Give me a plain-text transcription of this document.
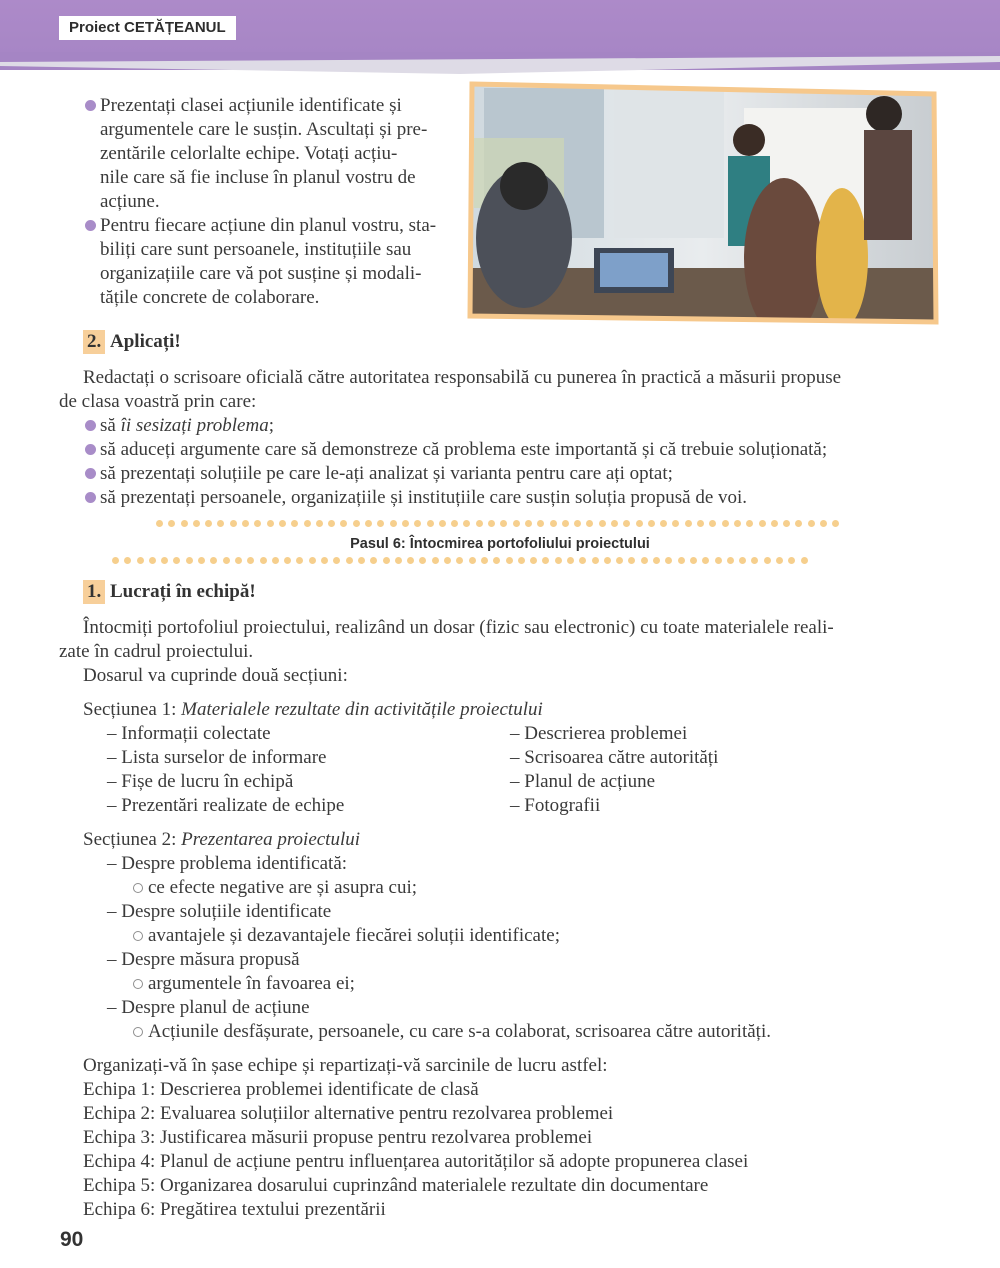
Proiect CETĂȚEANUL
Prezentați clasei acțiunile identificate și
argumentele care le susțin. Ascultați și pre-
zentările celorlalte echipe. Votați acțiu-
nile care să fie incluse în planul vostru de
acțiune.
Pentru fiecare acțiune din planul vostru, sta-
biliți care sunt persoanele, instituțiile sau
organizațiile care vă pot susține și modali-
tățile concrete de colaborare.
2. Aplicați!
Redactați o scrisoare oficială către autoritatea responsabilă cu punerea în practică a măsurii propuse
de clasa voastră prin care:
să îi sesizați problema;
să aduceți argumente care să demonstreze că problema este importantă și că trebuie soluționată;
să prezentați soluțiile pe care le-ați analizat și varianta pentru care ați optat;
să prezentați persoanele, organizațiile și instituțiile care susțin soluția propusă de voi.
Pasul 6: Întocmirea portofoliului proiectului
1. Lucrați în echipă!
Întocmiți portofoliul proiectului, realizând un dosar (fizic sau electronic) cu toate materialele reali-
zate în cadrul proiectului.
Dosarul va cuprinde două secțiuni:
Secțiunea 1: Materialele rezultate din activitățile proiectului
– Informații colectate
– Lista surselor de informare
– Fișe de lucru în echipă
– Prezentări realizate de echipe
– Descrierea problemei
– Scrisoarea către autorități
– Planul de acțiune
– Fotografii
Secțiunea 2: Prezentarea proiectului
– Despre problema identificată:
ce efecte negative are și asupra cui;
– Despre soluțiile identificate
avantajele și dezavantajele fiecărei soluții identificate;
– Despre măsura propusă
argumentele în favoarea ei;
– Despre planul de acțiune
Acțiunile desfășurate, persoanele, cu care s-a colaborat, scrisoarea către autorități.
Organizați-vă în șase echipe și repartizați-vă sarcinile de lucru astfel:
Echipa 1: Descrierea problemei identificate de clasă
Echipa 2: Evaluarea soluțiilor alternative pentru rezolvarea problemei
Echipa 3: Justificarea măsurii propuse pentru rezolvarea problemei
Echipa 4: Planul de acțiune pentru influențarea autorităților să adopte propunerea clasei
Echipa 5: Organizarea dosarului cuprinzând materialele rezultate din documentare
Echipa 6: Pregătirea textului prezentării
90
